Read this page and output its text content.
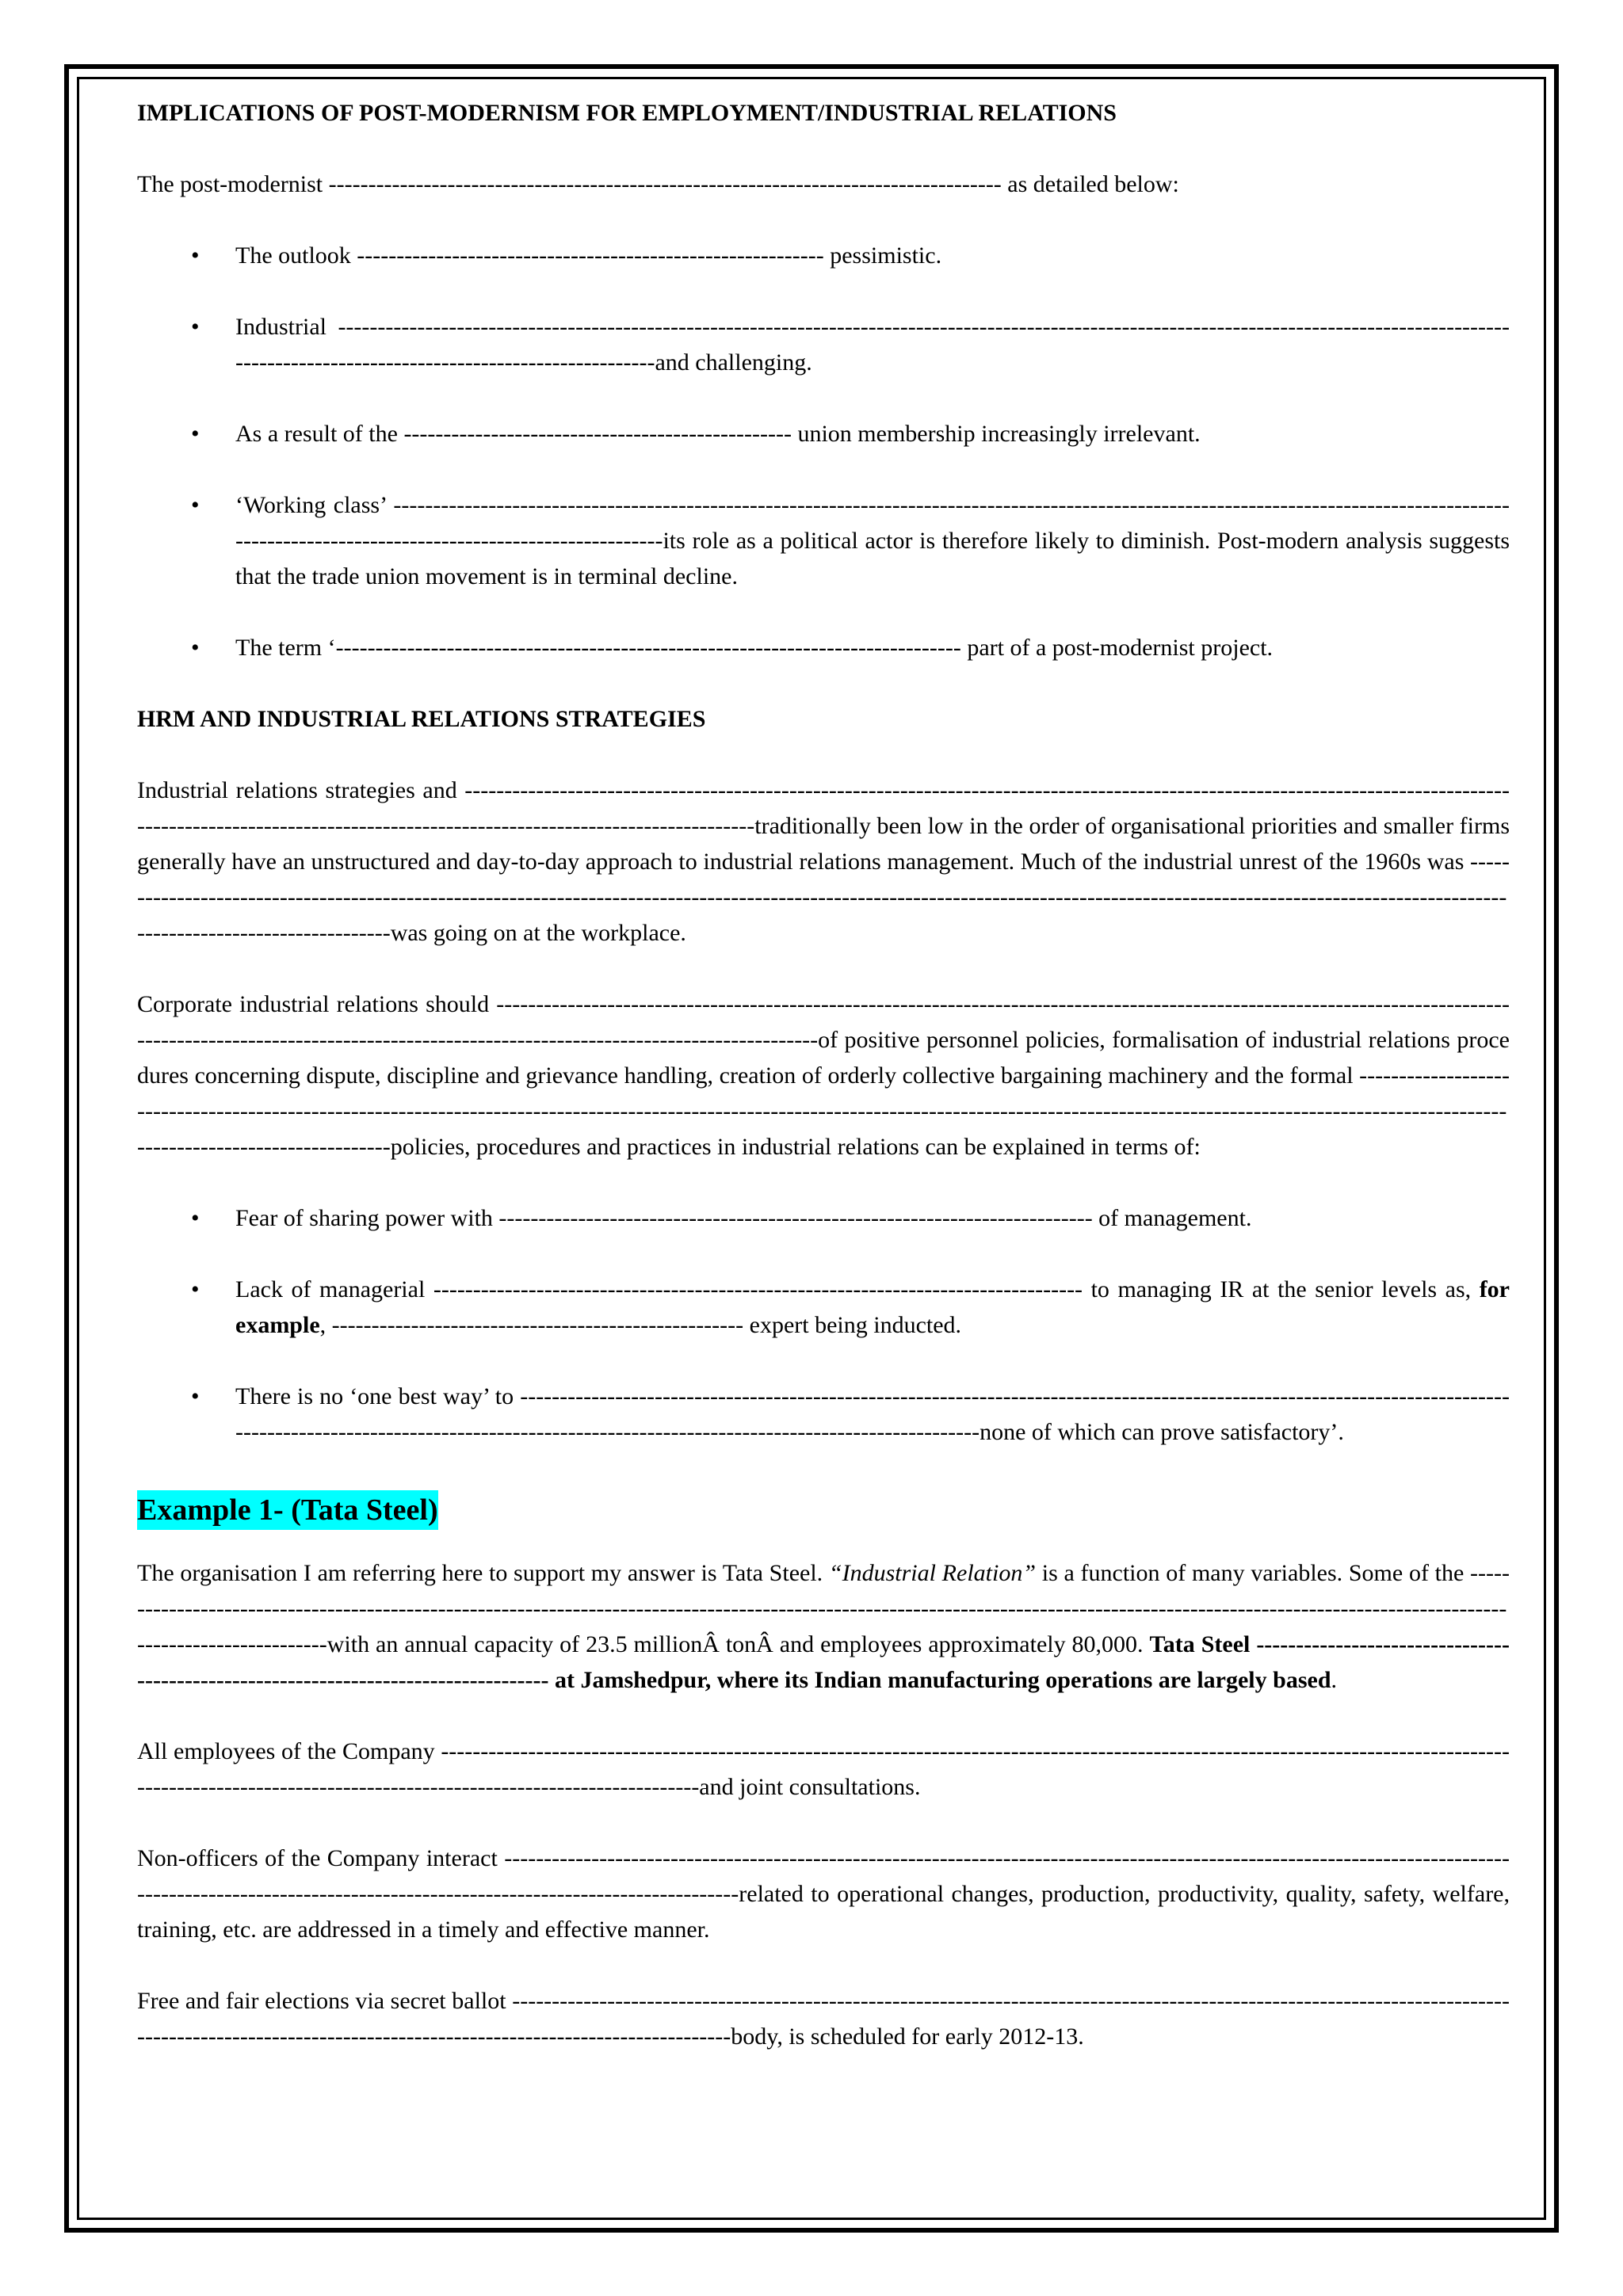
IMPLICATIONS OF POST-MODERNISM FOR EMPLOYMENT/INDUSTRIAL RELATIONS

The post-modernist ------------------------------------------------------------------------------------- as detailed below:

• The outlook ----------------------------------------------------------- pessimistic.
• Industrial ---------------------------------------------------------------------------------------------------------------------------------------------------------------------------------------------------------and challenging.
• As a result of the ------------------------------------------------- union membership increasingly irrelevant.
• ‘Working class’ ---------------------------------------------------------------------------------------------------------------------------------------------------------------------------------------------------its role as a political actor is therefore likely to diminish. Post-modern analysis suggests that the trade union movement is in terminal decline.
• The term ‘------------------------------------------------------------------------------- part of a post-modernist project.
HRM AND INDUSTRIAL RELATIONS STRATEGIES

Industrial relations strategies and ------------------------------------------------------------------------------------------------------------------------------------------------------------------------------------------------------------------traditionally been low in the order of organisational priorities and smaller firms generally have an unstructured and day-to-day approach to industrial relations management. Much of the industrial unrest of the 1960s was ------------------------------------------------------------------------------------------------------------------------------------------------------------------------------------------------------------------was going on at the workplace.

Corporate industrial relations should ----------------------------------------------------------------------------------------------------------------------------------------------------------------------------------------------------------------------of positive personnel policies, formalisation of industrial relations procedures concerning dispute, discipline and grievance handling, creation of orderly collective bargaining machinery and the formal --------------------------------------------------------------------------------------------------------------------------------------------------------------------------------------------------------------------------------policies, procedures and practices in industrial relations can be explained in terms of:

• Fear of sharing power with --------------------------------------------------------------------------- of management.
• Lack of managerial ---------------------------------------------------------------------------------- to managing IR at the senior levels as, for example, ---------------------------------------------------- expert being inducted.
• There is no ‘one best way’ to ---------------------------------------------------------------------------------------------------------------------------------------------------------------------------------------------------------------------------none of which can prove satisfactory’.
Example 1- (Tata Steel)

The organisation I am referring here to support my answer is Tata Steel. “Industrial Relation” is a function of many variables. Some of the ----------------------------------------------------------------------------------------------------------------------------------------------------------------------------------------------------------with an annual capacity of 23.5 millionÂ tonÂ and employees approximately 80,000. Tata Steel ------------------------------------------------------------------------------------ at Jamshedpur, where its Indian manufacturing operations are largely based.

All employees of the Company --------------------------------------------------------------------------------------------------------------------------------------------------------------------------------------------------------------and joint consultations.

Non-officers of the Company interact -----------------------------------------------------------------------------------------------------------------------------------------------------------------------------------------------------------related to operational changes, production, productivity, quality, safety, welfare, training, etc. are addressed in a timely and effective manner.

Free and fair elections via secret ballot ---------------------------------------------------------------------------------------------------------------------------------------------------------------------------------------------------------body, is scheduled for early 2012-13.
